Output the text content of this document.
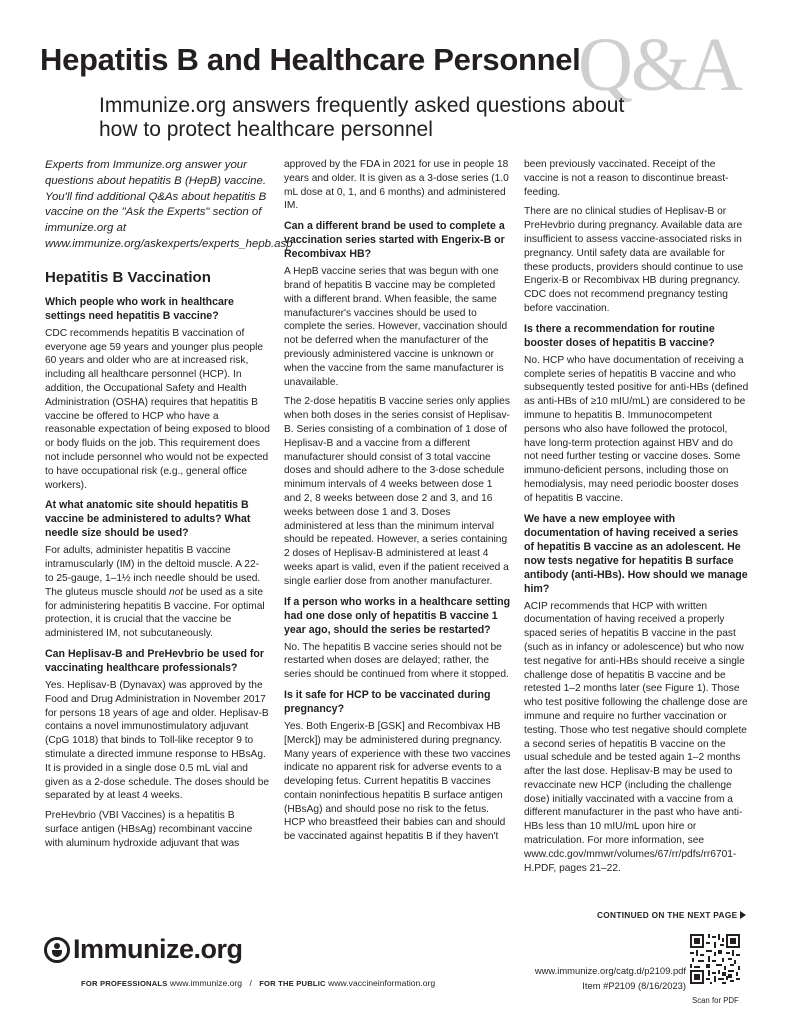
Hepatitis B and Healthcare Personnel
Q&A
Immunize.org answers frequently asked questions about how to protect healthcare personnel

Experts from Immunize.org answer your questions about hepatitis B (HepB) vaccine. You'll find additional Q&As about hepatitis B vaccine on the "Ask the Experts" section of immunize.org at www.immunize.org/askexperts/experts_hepb.asp

Hepatitis B Vaccination
Which people who work in healthcare settings need hepatitis B vaccine?

CDC recommends hepatitis B vaccination of everyone age 59 years and younger plus people 60 years and older who are at increased risk, including all healthcare personnel (HCP). In addition, the Occupational Safety and Health Administration (OSHA) requires that hepatitis B vaccine be offered to HCP who have a reasonable expectation of being exposed to blood or body fluids on the job. This requirement does not include personnel who would not be expected to have occupational risk (e.g., general office workers).

At what anatomic site should hepatitis B vaccine be administered to adults? What needle size should be used?

For adults, administer hepatitis B vaccine intramuscularly (IM) in the deltoid muscle. A 22- to 25-gauge, 1–1½ inch needle should be used. The gluteus muscle should not be used as a site for administering hepatitis B vaccine. For optimal protection, it is crucial that the vaccine be administered IM, not subcutaneously.

Can Heplisav-B and PreHevbrio be used for vaccinating healthcare professionals?

Yes. Heplisav-B (Dynavax) was approved by the Food and Drug Administration in November 2017 for persons 18 years of age and older. Heplisav-B contains a novel immunostimulatory adjuvant (CpG 1018) that binds to Toll-like receptor 9 to stimulate a directed immune response to HBsAg. It is provided in a single dose 0.5 mL vial and given as a 2-dose schedule. The doses should be separated by at least 4 weeks.

PreHevbrio (VBI Vaccines) is a hepatitis B surface antigen (HBsAg) recombinant vaccine with aluminum hydroxide adjuvant that was

approved by the FDA in 2021 for use in people 18 years and older. It is given as a 3-dose series (1.0 mL dose at 0, 1, and 6 months) and administered IM.

Can a different brand be used to complete a vaccination series started with Engerix-B or Recombivax HB?

A HepB vaccine series that was begun with one brand of hepatitis B vaccine may be completed with a different brand. When feasible, the same manufacturer's vaccines should be used to complete the series. However, vaccination should not be deferred when the manufacturer of the previously administered vaccine is unknown or when the vaccine from the same manufacturer is unavailable.

The 2-dose hepatitis B vaccine series only applies when both doses in the series consist of Heplisav-B. Series consisting of a combination of 1 dose of Heplisav-B and a vaccine from a different manufacturer should consist of 3 total vaccine doses and should adhere to the 3-dose schedule minimum intervals of 4 weeks between dose 1 and 2, 8 weeks between dose 2 and 3, and 16 weeks between dose 1 and 3. Doses administered at less than the minimum interval should be repeated. However, a series containing 2 doses of Heplisav-B administered at least 4 weeks apart is valid, even if the patient received a single earlier dose from another manufacturer.

If a person who works in a healthcare setting had one dose only of hepatitis B vaccine 1 year ago, should the series be restarted?

No. The hepatitis B vaccine series should not be restarted when doses are delayed; rather, the series should be continued from where it stopped.

Is it safe for HCP to be vaccinated during pregnancy?

Yes. Both Engerix-B [GSK] and Recombivax HB [Merck]) may be administered during pregnancy. Many years of experience with these two vaccines indicate no apparent risk for adverse events to a developing fetus. Current hepatitis B vaccines contain noninfectious hepatitis B surface antigen (HBsAg) and should pose no risk to the fetus. HCP who breastfeed their babies can and should be vaccinated against hepatitis B if they haven't

been previously vaccinated. Receipt of the vaccine is not a reason to discontinue breast-feeding.

There are no clinical studies of Heplisav-B or PreHevbrio during pregnancy. Available data are insufficient to assess vaccine-associated risks in pregnancy. Until safety data are available for these products, providers should continue to use Engerix-B or Recombivax HB during pregnancy. CDC does not recommend pregnancy testing before vaccination.

Is there a recommendation for routine booster doses of hepatitis B vaccine?

No. HCP who have documentation of receiving a complete series of hepatitis B vaccine and who subsequently tested positive for anti-HBs (defined as anti-HBs of ≥10 mIU/mL) are considered to be immune to hepatitis B. Immunocompetent persons who also have followed the protocol, have long-term protection against HBV and do not need further testing or vaccine doses. Some immuno-deficient persons, including those on hemodialysis, may need periodic booster doses of hepatitis B vaccine.

We have a new employee with documentation of having received a series of hepatitis B vaccine as an adolescent. He now tests negative for hepatitis B surface antibody (anti-HBs). How should we manage him?

ACIP recommends that HCP with written documentation of having received a properly spaced series of hepatitis B vaccine in the past (such as in infancy or adolescence) but who now test negative for anti-HBs should receive a single challenge dose of hepatitis B vaccine and be retested 1–2 months later (see Figure 1). Those who test positive following the challenge dose are immune and require no further vaccination or testing. Those who test negative should complete a second series of hepatitis B vaccine on the usual schedule and be tested again 1–2 months after the last dose. Heplisav-B may be used to revaccinate new HCP (including the challenge dose) initially vaccinated with a vaccine from a different manufacturer in the past who have anti-HBs less than 10 mIU/mL upon hire or matriculation. For more information, see www.cdc.gov/mmwr/volumes/67/rr/pdfs/rr6701-H.PDF, pages 21–22.

CONTINUED ON THE NEXT PAGE
Immunize.org
FOR PROFESSIONALS www.immunize.org / FOR THE PUBLIC www.vaccineinformation.org
www.immunize.org/catg.d/p2109.pdf
Item #P2109 (8/16/2023)
Scan for PDF
